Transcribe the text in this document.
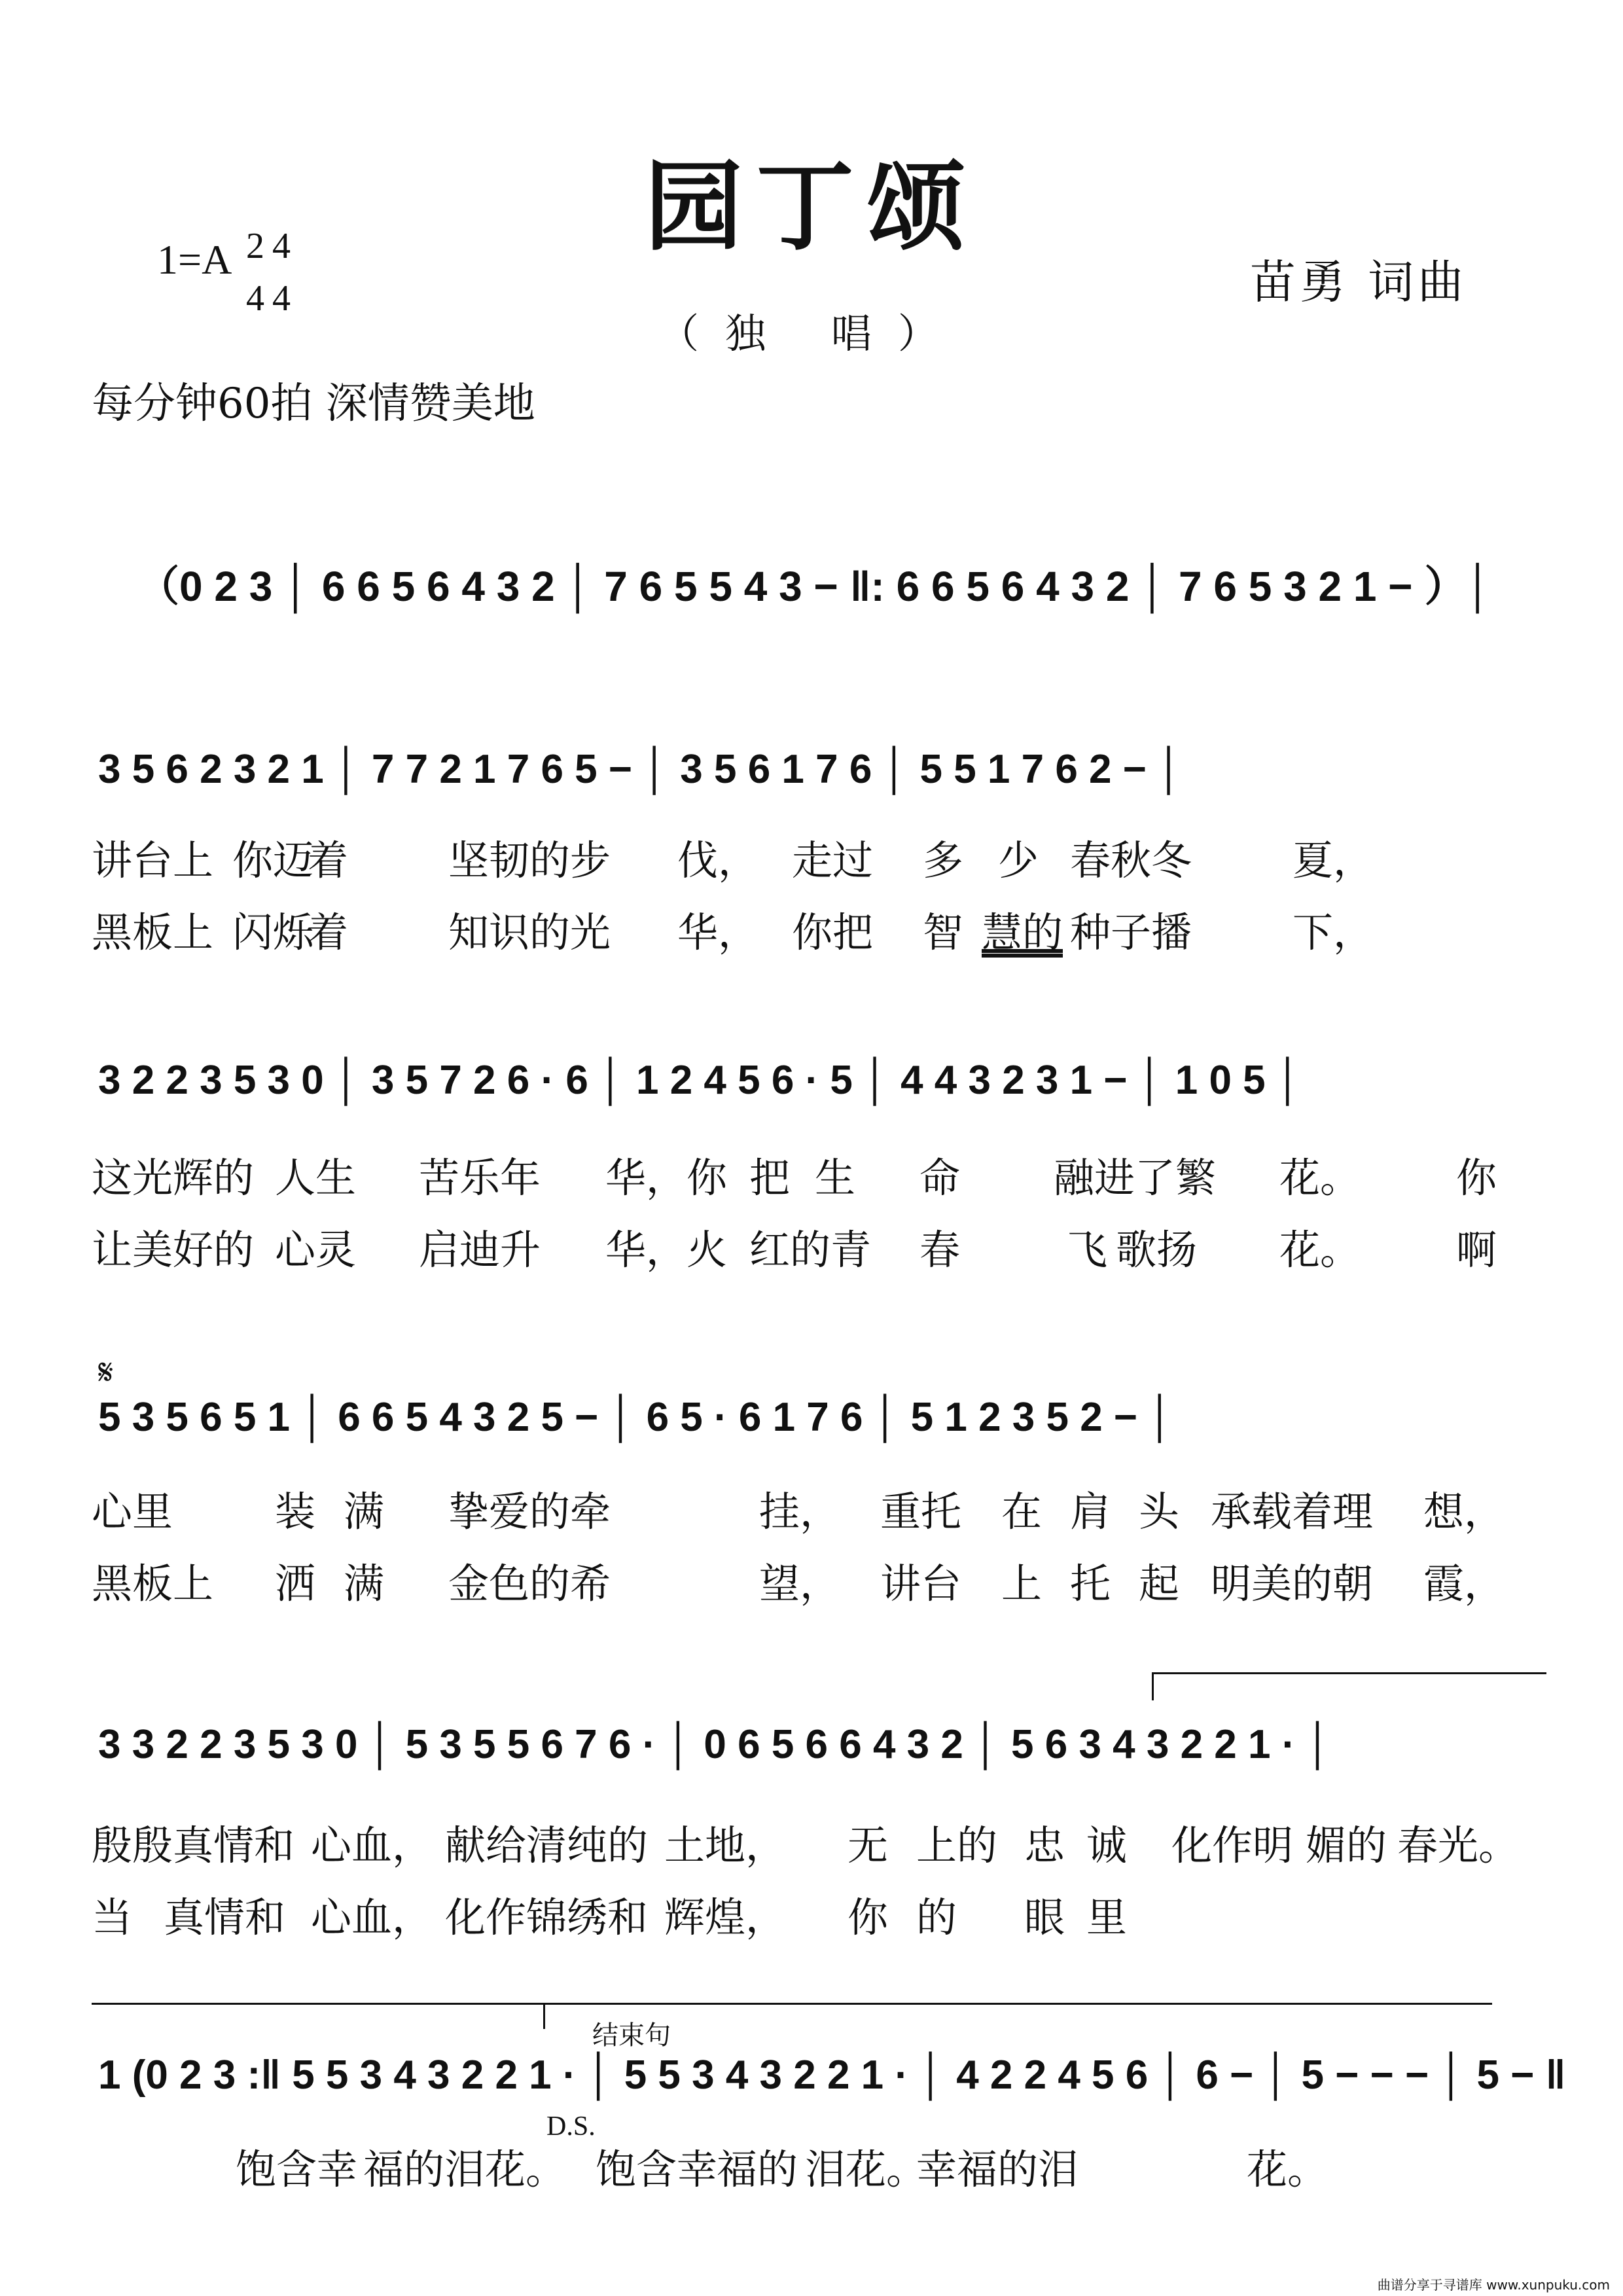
园丁颂
（独 唱）
1=A 2
4
4
4	苗勇 词曲
每分钟60拍 深情赞美地
（0 2 3 │ 6 6 5 6 4 3 2 │ 7 6 5 5 4 3 − ‖: 6 6 5 6 4 3 2 │ 7 6 5 3 2 1 − ）│
3 5 6 2 3 2 1 │ 7 7 2 1 7 6 5 − │ 3 5 6 1 7 6 │ 5 5 1 7 6 2 − │
讲台上 你迈
着 坚韧的步 伐， 走过 多 少 春秋冬 夏，
黑板上 闪烁
着 知识的光 华， 你把 智 慧的 种子播 下，
3 2 2 3 5 3 0 │ 3 5 7 2 6 · 6 │ 1 2 4 5 6 · 5 │ 4 4 3 2 3 1 − │ 1 0 5 │
这光辉的 人生 苦乐年 华，你 把 生 命 融进了繁 花。 你
让美好的 心灵 启迪升 华，火 红的青 春	飞 歌扬 花。 啊
𝄋
5 3 5 6 5 1 │ 6 6 5 4 3 2 5 − │ 6 5 · 6 1 7 6 │ 5 1 2 3 5 2 − │
心里	装 满 挚爱的牵	挂， 重托 在 肩 头 承载着理 想，
黑板上 洒 满 金色的希	望， 讲台 上 托 起 明美的朝 霞，
3 3 2 2 3 5 3 0 │ 5 3 5 5 6 7 6 · │ 0 6 5 6 6 4 3 2 │ 5 6 3 4 3 2 2 1 · │
殷殷真情和 心血， 献给清纯的 土地， 无 上的 忠 诚 化作明 媚的 春光。
当 真情和 心血， 化作锦绣和 辉煌， 你 的 眼 里
结束句
1 (0 2 3 :‖ 5 5 3 4 3 2 2 1 · │ 5 5 3 4 3 2 2 1 · │ 4 2 2 4 5 6 │ 6 − │ 5 − − − │ 5 − ‖
D.S.
饱含幸 福的泪花。 饱含幸
福的 泪花。
幸福的泪	花。
曲谱分享于寻谱库 www.xunpuku.com
